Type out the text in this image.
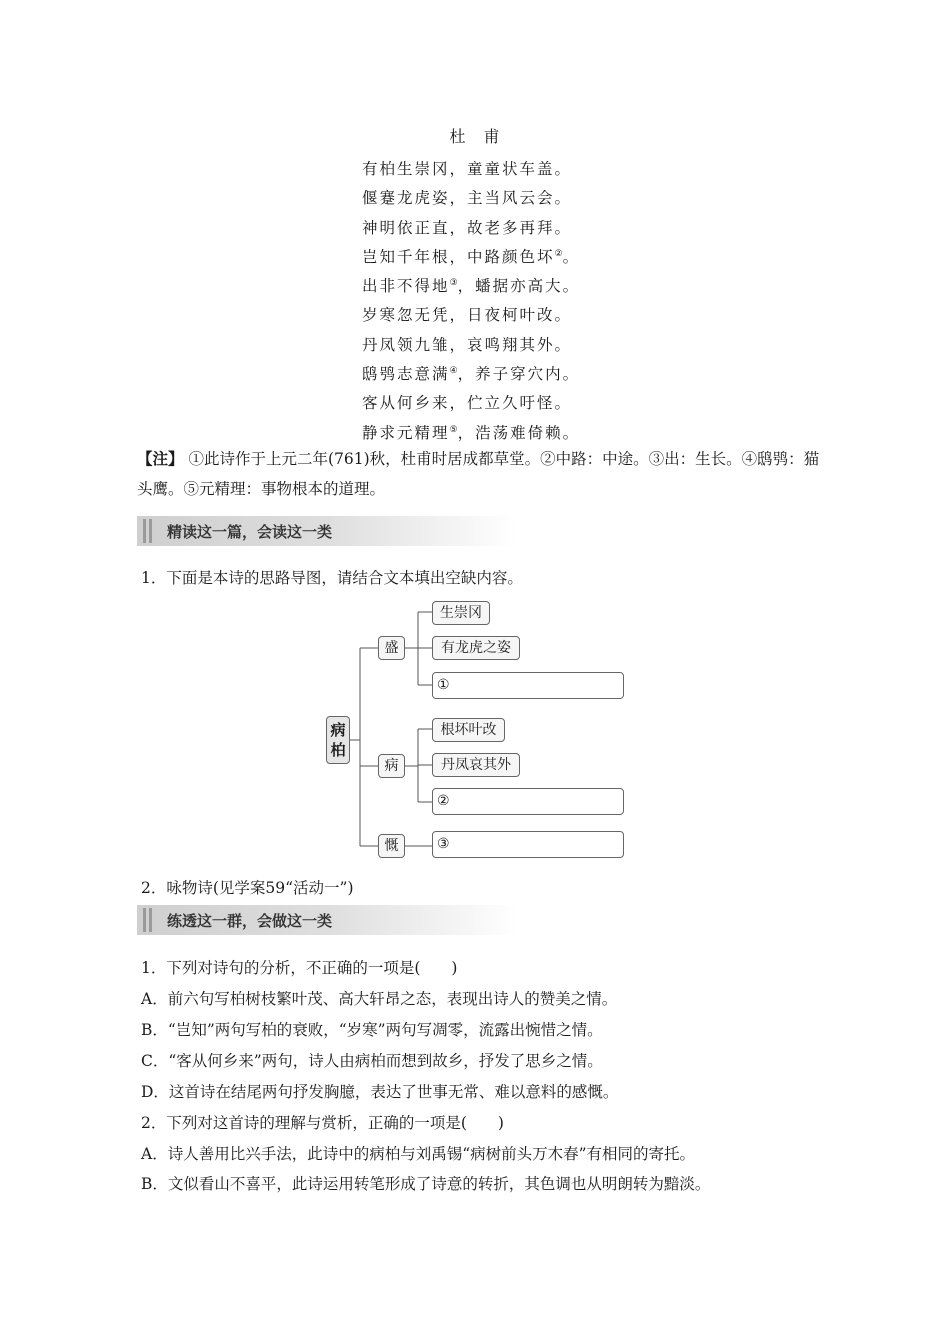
杜　甫
有柏生崇冈，童童状车盖。
偃蹇龙虎姿，主当风云会。
神明依正直，故老多再拜。
岂知千年根，中路颜色坏②。
出非不得地③，蟠据亦高大。
岁寒忽无凭，日夜柯叶改。
丹凤领九雏，哀鸣翔其外。
鸱鸮志意满④，养子穿穴内。
客从何乡来，伫立久吁怪。
静求元精理⑤，浩荡难倚赖。
【注】 ①此诗作于上元二年(761)秋，杜甫时居成都草堂。②中路：中途。③出：生长。④鸱鸮：猫头鹰。⑤元精理：事物根本的道理。
精读这一篇，会读这一类
1．下面是本诗的思路导图，请结合文本填出空缺内容。
病柏
盛
病
慨
生崇冈
有龙虎之姿
①
根坏叶改
丹凤哀其外
②
③
2．咏物诗(见学案59“活动一”)
练透这一群，会做这一类
1．下列对诗句的分析，不正确的一项是(　　)
A．前六句写柏树枝繁叶茂、高大轩昂之态，表现出诗人的赞美之情。
B．“岂知”两句写柏的衰败，“岁寒”两句写凋零，流露出惋惜之情。
C．“客从何乡来”两句，诗人由病柏而想到故乡，抒发了思乡之情。
D．这首诗在结尾两句抒发胸臆，表达了世事无常、难以意料的感慨。
2．下列对这首诗的理解与赏析，正确的一项是(　　)
A．诗人善用比兴手法，此诗中的病柏与刘禹锡“病树前头万木春”有相同的寄托。
B．文似看山不喜平，此诗运用转笔形成了诗意的转折，其色调也从明朗转为黯淡。
